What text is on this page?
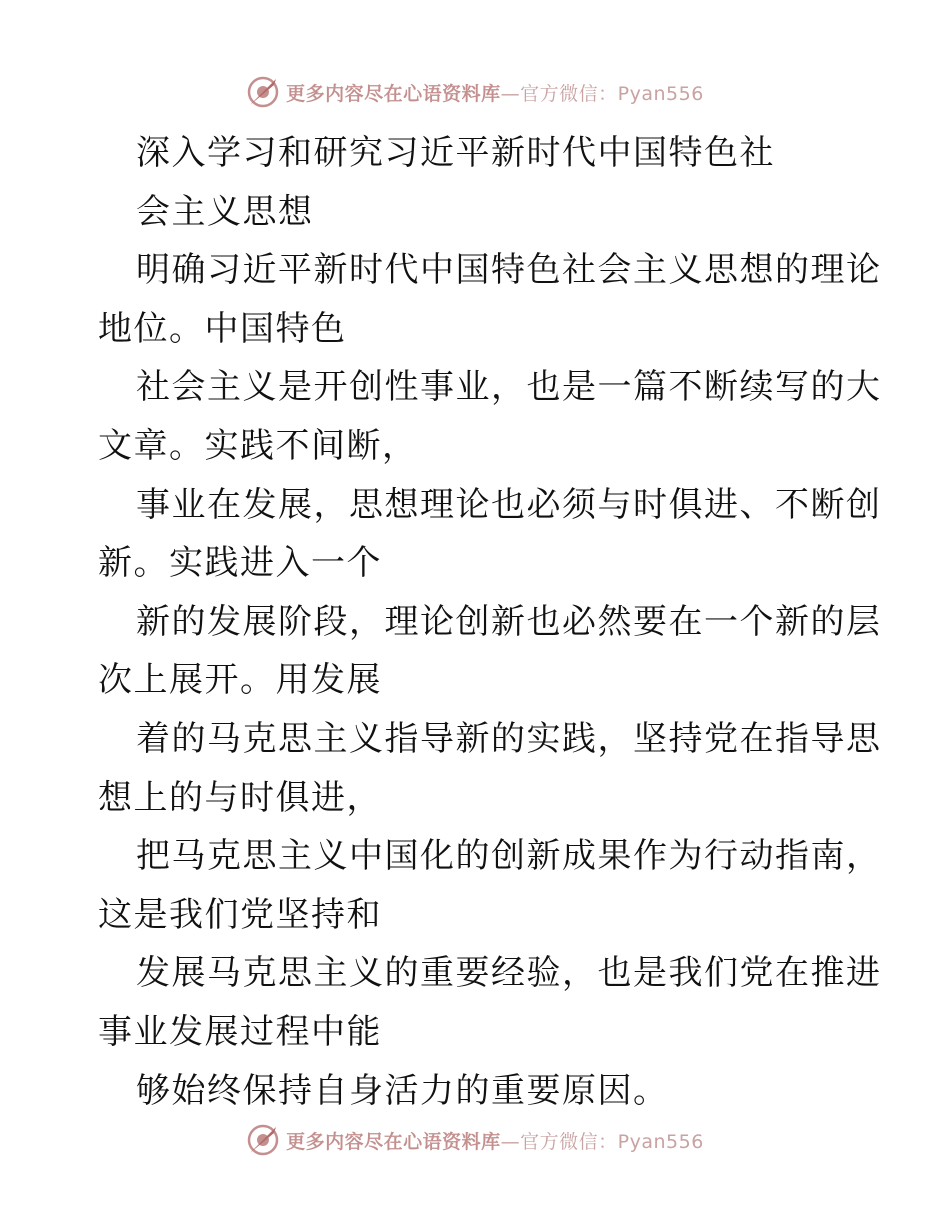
更多内容尽在心语资料库—官方微信：Pyan556
深入学习和研究习近平新时代中国特色社
会主义思想
明确习近平新时代中国特色社会主义思想的理论
地位。中国特色
社会主义是开创性事业，也是一篇不断续写的大
文章。实践不间断，
事业在发展，思想理论也必须与时俱进、不断创
新。实践进入一个
新的发展阶段，理论创新也必然要在一个新的层
次上展开。用发展
着的马克思主义指导新的实践，坚持党在指导思
想上的与时俱进，
把马克思主义中国化的创新成果作为行动指南，
这是我们党坚持和
发展马克思主义的重要经验，也是我们党在推进
事业发展过程中能
够始终保持自身活力的重要原因。
更多内容尽在心语资料库—官方微信：Pyan556
